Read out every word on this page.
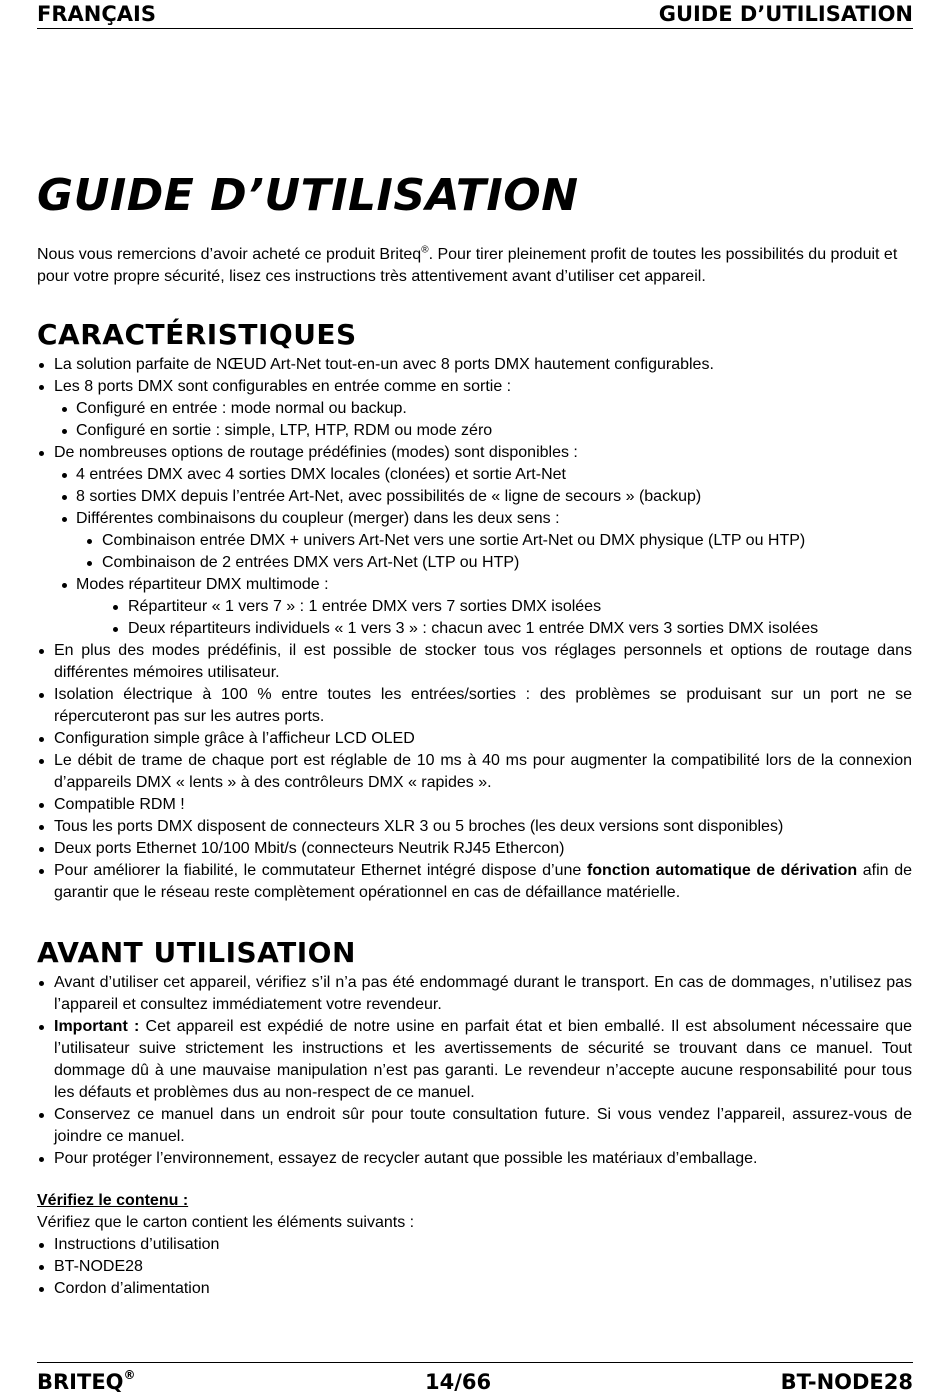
FRANÇAIS	GUIDE D’UTILISATION
GUIDE D’UTILISATION

Nous vous remercions d’avoir acheté ce produit Briteq®. Pour tirer pleinement profit de toutes les possibilités du produit et pour votre propre sécurité, lisez ces instructions très attentivement avant d’utiliser cet appareil.

CARACTÉRISTIQUES
La solution parfaite de NŒUD Art-Net tout-en-un avec 8 ports DMX hautement configurables.
Les 8 ports DMX sont configurables en entrée comme en sortie :
Configuré en entrée : mode normal ou backup.
Configuré en sortie : simple, LTP, HTP, RDM ou mode zéro
De nombreuses options de routage prédéfinies (modes) sont disponibles :
4 entrées DMX avec 4 sorties DMX locales (clonées) et sortie Art-Net
8 sorties DMX depuis l’entrée Art-Net, avec possibilités de « ligne de secours » (backup)
Différentes combinaisons du coupleur (merger) dans les deux sens :
Combinaison entrée DMX + univers Art-Net vers une sortie Art-Net ou DMX physique (LTP ou HTP)
Combinaison de 2 entrées DMX vers Art-Net (LTP ou HTP)
Modes répartiteur DMX multimode :
Répartiteur « 1 vers 7 » : 1 entrée DMX vers 7 sorties DMX isolées
Deux répartiteurs individuels « 1 vers 3 » : chacun avec 1 entrée DMX vers 3 sorties DMX isolées
En plus des modes prédéfinis, il est possible de stocker tous vos réglages personnels et options de routage dans différentes mémoires utilisateur.
Isolation électrique à 100 % entre toutes les entrées/sorties : des problèmes se produisant sur un port ne se répercuteront pas sur les autres ports.
Configuration simple grâce à l’afficheur LCD OLED
Le débit de trame de chaque port est réglable de 10 ms à 40 ms pour augmenter la compatibilité lors de la connexion d’appareils DMX « lents » à des contrôleurs DMX « rapides ».
Compatible RDM !
Tous les ports DMX disposent de connecteurs XLR 3 ou 5 broches (les deux versions sont disponibles)
Deux ports Ethernet 10/100 Mbit/s (connecteurs Neutrik RJ45 Ethercon)
Pour améliorer la fiabilité, le commutateur Ethernet intégré dispose d’une fonction automatique de dérivation afin de garantir que le réseau reste complètement opérationnel en cas de défaillance matérielle.
AVANT UTILISATION
Avant d’utiliser cet appareil, vérifiez s’il n’a pas été endommagé durant le transport. En cas de dommages, n’utilisez pas l’appareil et consultez immédiatement votre revendeur.
Important : Cet appareil est expédié de notre usine en parfait état et bien emballé. Il est absolument nécessaire que l’utilisateur suive strictement les instructions et les avertissements de sécurité se trouvant dans ce manuel. Tout dommage dû à une mauvaise manipulation n’est pas garanti. Le revendeur n’accepte aucune responsabilité pour tous les défauts et problèmes dus au non-respect de ce manuel.
Conservez ce manuel dans un endroit sûr pour toute consultation future. Si vous vendez l’appareil, assurez-vous de joindre ce manuel.
Pour protéger l’environnement, essayez de recycler autant que possible les matériaux d’emballage.
Vérifiez le contenu :
Vérifiez que le carton contient les éléments suivants :
Instructions d’utilisation
BT-NODE28
Cordon d’alimentation
BRITEQ®	14/66	BT-NODE28
